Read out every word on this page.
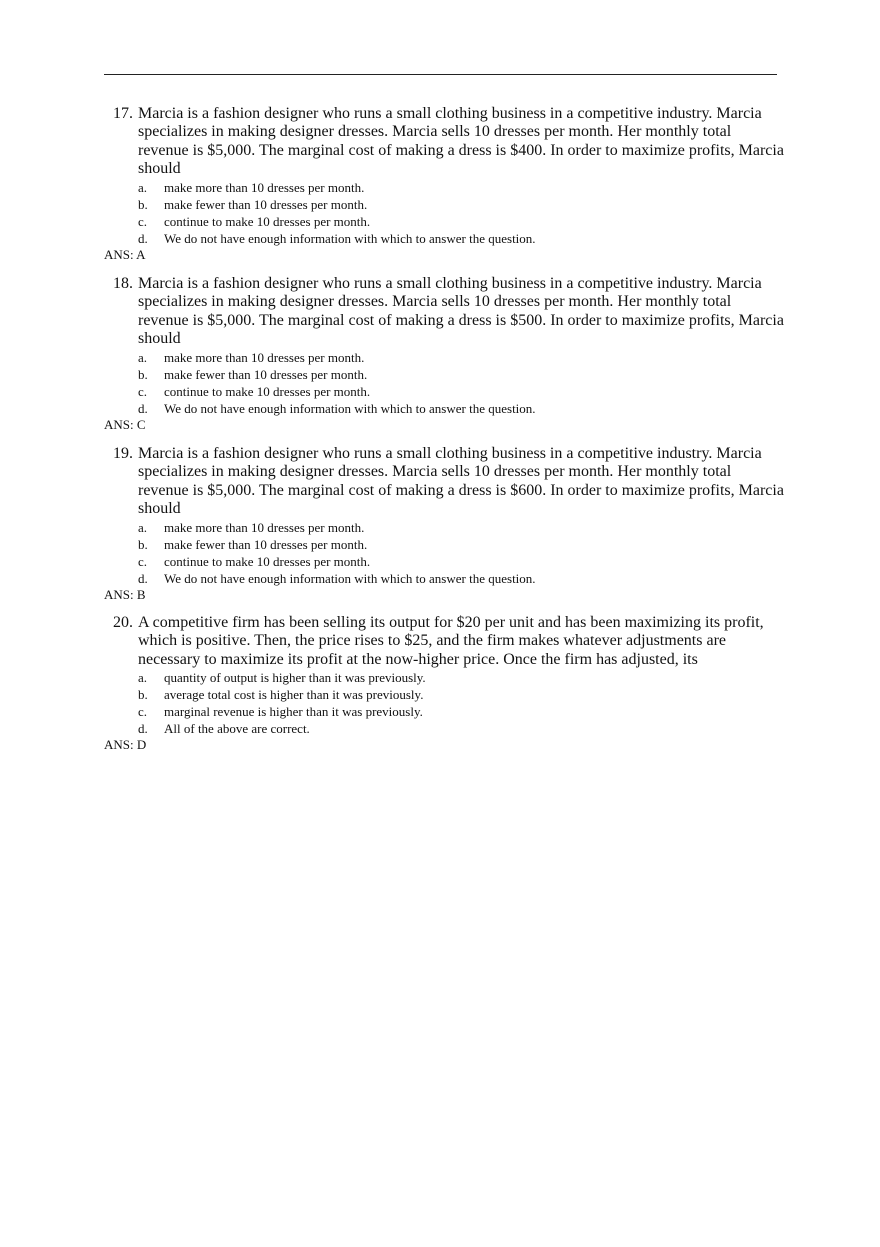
17. Marcia is a fashion designer who runs a small clothing business in a competitive industry. Marcia specializes in making designer dresses. Marcia sells 10 dresses per month. Her monthly total revenue is $5,000. The marginal cost of making a dress is $400. In order to maximize profits, Marcia should

a. make more than 10 dresses per month.
b. make fewer than 10 dresses per month.
c. continue to make 10 dresses per month.
d. We do not have enough information with which to answer the question.
ANS: A
18. Marcia is a fashion designer who runs a small clothing business in a competitive industry. Marcia specializes in making designer dresses. Marcia sells 10 dresses per month. Her monthly total revenue is $5,000. The marginal cost of making a dress is $500. In order to maximize profits, Marcia should

a. make more than 10 dresses per month.
b. make fewer than 10 dresses per month.
c. continue to make 10 dresses per month.
d. We do not have enough information with which to answer the question.
ANS: C
19. Marcia is a fashion designer who runs a small clothing business in a competitive industry. Marcia specializes in making designer dresses. Marcia sells 10 dresses per month. Her monthly total revenue is $5,000. The marginal cost of making a dress is $600. In order to maximize profits, Marcia should

a. make more than 10 dresses per month.
b. make fewer than 10 dresses per month.
c. continue to make 10 dresses per month.
d. We do not have enough information with which to answer the question.
ANS: B
20. A competitive firm has been selling its output for $20 per unit and has been maximizing its profit, which is positive. Then, the price rises to $25, and the firm makes whatever adjustments are necessary to maximize its profit at the now-higher price. Once the firm has adjusted, its

a. quantity of output is higher than it was previously.
b. average total cost is higher than it was previously.
c. marginal revenue is higher than it was previously.
d. All of the above are correct.
ANS: D
